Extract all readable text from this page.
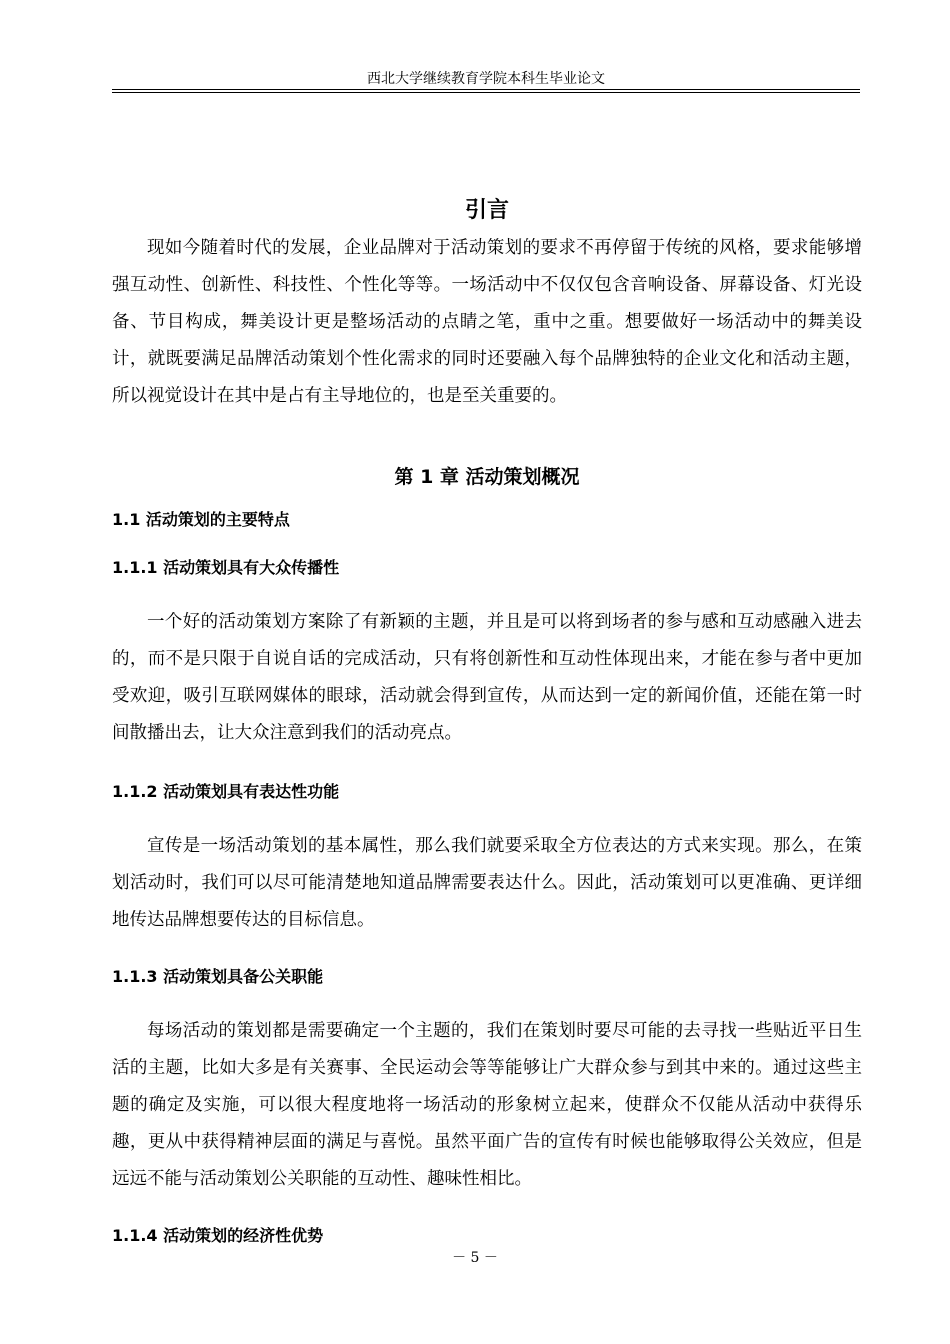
西北大学继续教育学院本科生毕业论文
引言

现如今随着时代的发展，企业品牌对于活动策划的要求不再停留于传统的风格，要求能够增强互动性、创新性、科技性、个性化等等。一场活动中不仅仅包含音响设备、屏幕设备、灯光设备、节目构成，舞美设计更是整场活动的点睛之笔，重中之重。想要做好一场活动中的舞美设计，就既要满足品牌活动策划个性化需求的同时还要融入每个品牌独特的企业文化和活动主题，所以视觉设计在其中是占有主导地位的，也是至关重要的。

第 1 章 活动策划概况
1.1 活动策划的主要特点
1.1.1 活动策划具有大众传播性

一个好的活动策划方案除了有新颖的主题，并且是可以将到场者的参与感和互动感融入进去的，而不是只限于自说自话的完成活动，只有将创新性和互动性体现出来，才能在参与者中更加受欢迎，吸引互联网媒体的眼球，活动就会得到宣传，从而达到一定的新闻价值，还能在第一时间散播出去，让大众注意到我们的活动亮点。

1.1.2 活动策划具有表达性功能

宣传是一场活动策划的基本属性，那么我们就要采取全方位表达的方式来实现。那么，在策划活动时，我们可以尽可能清楚地知道品牌需要表达什么。因此，活动策划可以更准确、更详细地传达品牌想要传达的目标信息。

1.1.3 活动策划具备公关职能

每场活动的策划都是需要确定一个主题的，我们在策划时要尽可能的去寻找一些贴近平日生活的主题，比如大多是有关赛事、全民运动会等等能够让广大群众参与到其中来的。通过这些主题的确定及实施，可以很大程度地将一场活动的形象树立起来，使群众不仅能从活动中获得乐趣，更从中获得精神层面的满足与喜悦。虽然平面广告的宣传有时候也能够取得公关效应，但是远远不能与活动策划公关职能的互动性、趣味性相比。

1.1.4 活动策划的经济性优势
－ 5 －
